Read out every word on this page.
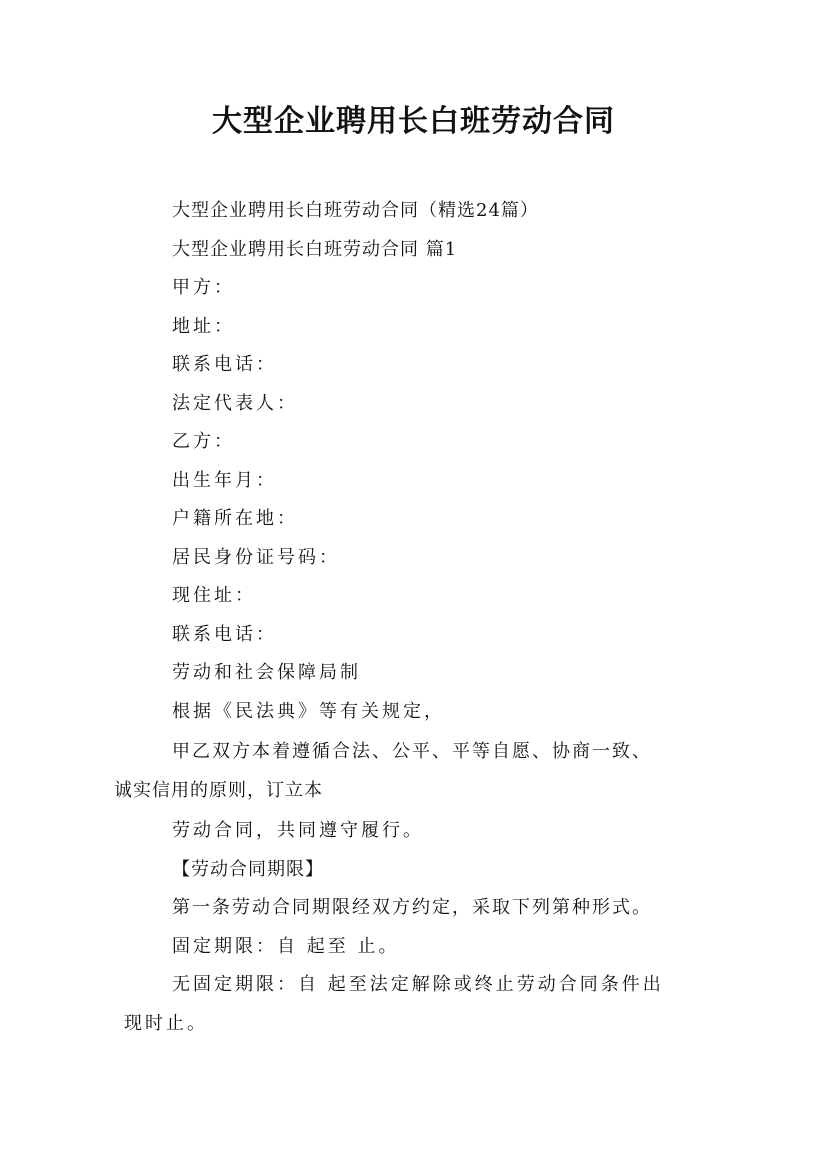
大型企业聘用长白班劳动合同
大型企业聘用长白班劳动合同（精选24篇）
大型企业聘用长白班劳动合同 篇1
甲方：
地址：
联系电话：
法定代表人：
乙方：
出生年月：
户籍所在地：
居民身份证号码：
现住址：
联系电话：
劳动和社会保障局制
根据《民法典》等有关规定，
甲乙双方本着遵循合法、公平、平等自愿、协商一致、
诚实信用的原则，订立本
劳动合同，共同遵守履行。
【劳动合同期限】
第一条劳动合同期限经双方约定，采取下列第种形式。
固定期限：自 起至 止。
无固定期限：自 起至法定解除或终止劳动合同条件出
现时止。
